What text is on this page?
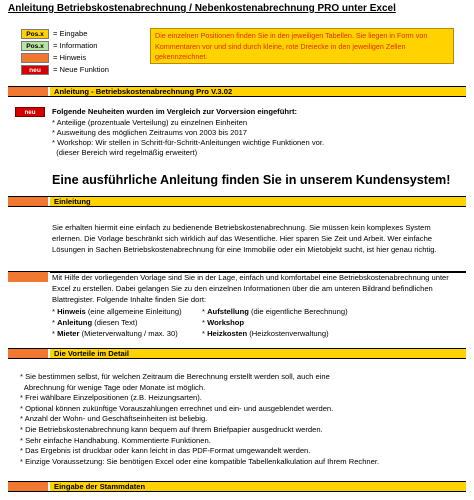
Anleitung Betriebskostenabrechnung / Nebenkostenabrechnung PRO unter Excel
Pos.x	= Eingabe
Pos.x	= Information
= Hinweis
neu	= Neue Funktion
Die einzelnen Positionen finden Sie in den jeweiligen Tabellen. Sie liegen in Form von Kommentaren vor und sind durch kleine, rote Dreiecke in den jeweiligen Zellen gekennzeichnet.
Anleitung - Betriebskostenabrechnung Pro V.3.02
neu	Folgende Neuheiten wurden im Vergleich zur Vorversion eingeführt:
* Anteilige (prozentuale Verteilung) zu einzelnen Einheiten
* Ausweitung des möglichen Zeitraums von 2003 bis 2017
* Workshop: Wir stellen in Schritt-für-Schritt-Anleitungen wichtige Funktionen vor.
(dieser Bereich wird regelmäßig erweitert)
Eine ausführliche Anleitung finden Sie in unserem Kundensystem!
Einleitung
Sie erhalten hiermit eine einfach zu bedienende Betriebskostenabrechnung. Sie müssen kein komplexes System erlernen. Die Vorlage beschränkt sich wirklich auf das Wesentliche. Hier sparen Sie Zeit und Arbeit. Wer einfache Lösungen in Sachen Betriebskostenabrechnung für eine Immobilie oder ein Mietobjekt sucht, ist hier genau richtig.
Mit Hilfe der vorliegenden Vorlage sind Sie in der Lage, einfach und komfortabel eine Betriebskostenabrechnung unter Excel zu erstellen. Dabei gelangen Sie zu den einzelnen Informationen über die am unteren Bildrand befindlichen Blattregister. Folgende Inhalte finden Sie dort:
* Hinweis (eine allgemeine Einleitung)
* Anleitung (diesen Text)
* Mieter (Mieterverwaltung / max. 30)
* Aufstellung (die eigentliche Berechnung)
* Workshop
* Heizkosten (Heizkostenverwaltung)
Die Vorteile im Detail
* Sie bestimmen selbst, für welchen Zeitraum die Berechnung erstellt werden soll, auch eine
Abrechnung für wenige Tage oder Monate ist möglich.
* Frei wählbare Einzelpositionen (z.B. Heizungsarten).
* Optional können zukünftige Vorauszahlungen errechnet und ein- und ausgeblendet werden.
* Anzahl der Wohn- und Geschäftseinheiten ist beliebig.
* Die Betriebskostenabrechnung kann bequem auf Ihrem Briefpapier ausgedruckt werden.
* Sehr einfache Handhabung. Kommentierte Funktionen.
* Das Ergebnis ist druckbar oder kann leicht in das PDF-Format umgewandelt werden.
* Einzige Voraussetzung: Sie benötigen Excel oder eine kompatible Tabellenkalkulation auf Ihrem Rechner.
Eingabe der Stammdaten
